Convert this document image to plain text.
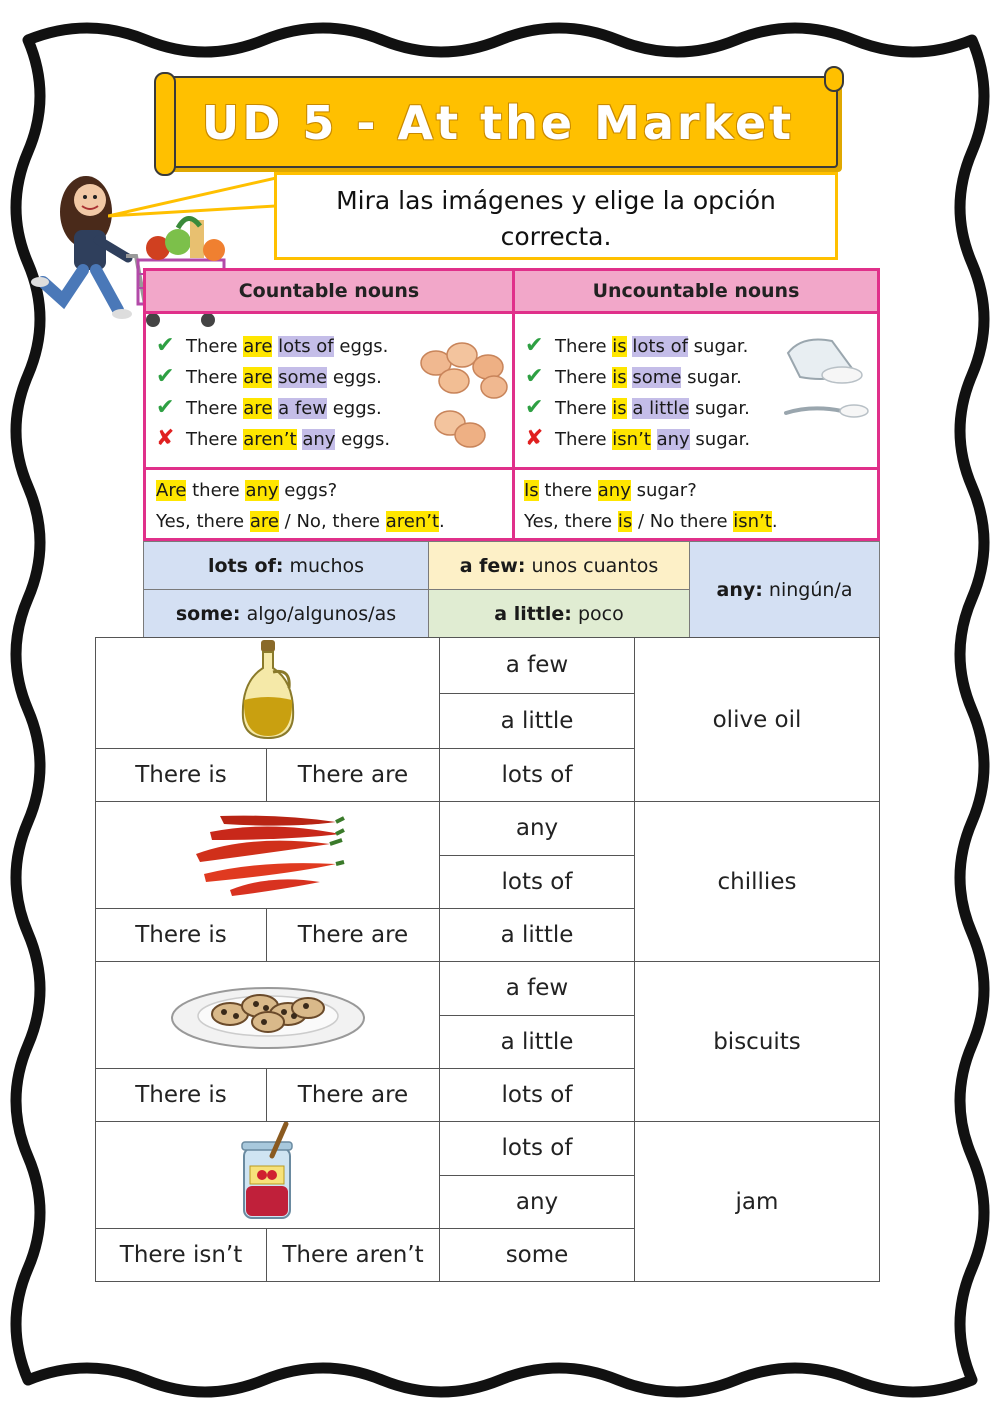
UD 5 - At the Market
Mira las imágenes y elige la opción correcta.
Countable nouns	Uncountable nouns
✔ There are lots of eggs.
✔ There are some eggs.
✔ There are a few eggs.
✘ There aren’t any eggs.
✔ There is lots of sugar.
✔ There is some sugar.
✔ There is a little sugar.
✘ There isn’t any sugar.
Are there any eggs?
Yes, there are / No, there aren’t.
Is there any sugar?
Yes, there is / No there isn’t.
lots of: muchos	a few: unos cuantos	any: ningún/a
some: algo/algunos/as	a little: poco	
	a few	olive oil
		a little	
There is	There are	lots of	
	any	chillies
		lots of	
There is	There are	a little	
	a few	biscuits
		a little	
There is	There are	lots of	
	lots of	jam
		any	
There isn’t	There aren’t	some	
